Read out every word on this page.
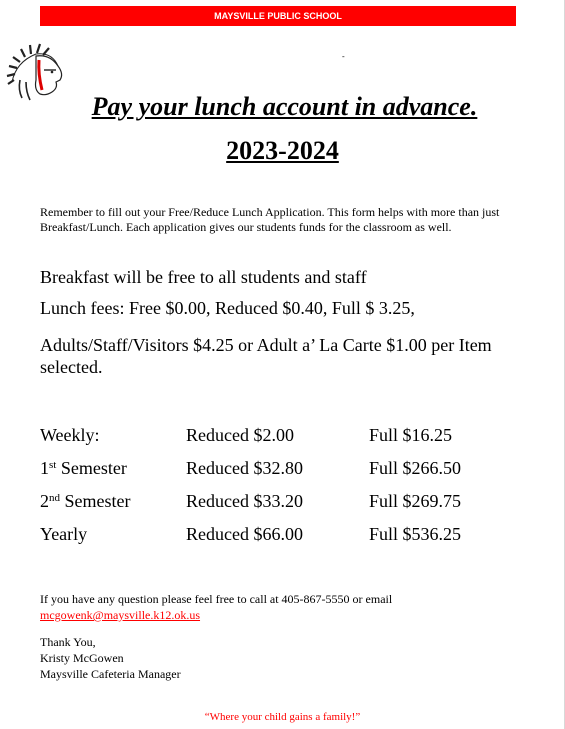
MAYSVILLE PUBLIC SCHOOL
-
Pay your lunch account in advance.
2023-2024
Remember to fill out your Free/Reduce Lunch Application. This form helps with more than just Breakfast/Lunch. Each application gives our students funds for the classroom as well.
Breakfast will be free to all students and staff
Lunch fees: Free $0.00, Reduced $0.40, Full $ 3.25,
Adults/Staff/Visitors $4.25 or Adult a’ La Carte $1.00 per Item selected.
Weekly:	Reduced $2.00	Full $16.25
1st Semester	Reduced $32.80	Full $266.50
2nd Semester	Reduced $33.20	Full $269.75
Yearly	Reduced $66.00	Full $536.25
If you have any question please feel free to call at 405-867-5550 or email
mcgowenk@maysville.k12.ok.us
Thank You,
Kristy McGowen
Maysville Cafeteria Manager
“Where your child gains a family!”
